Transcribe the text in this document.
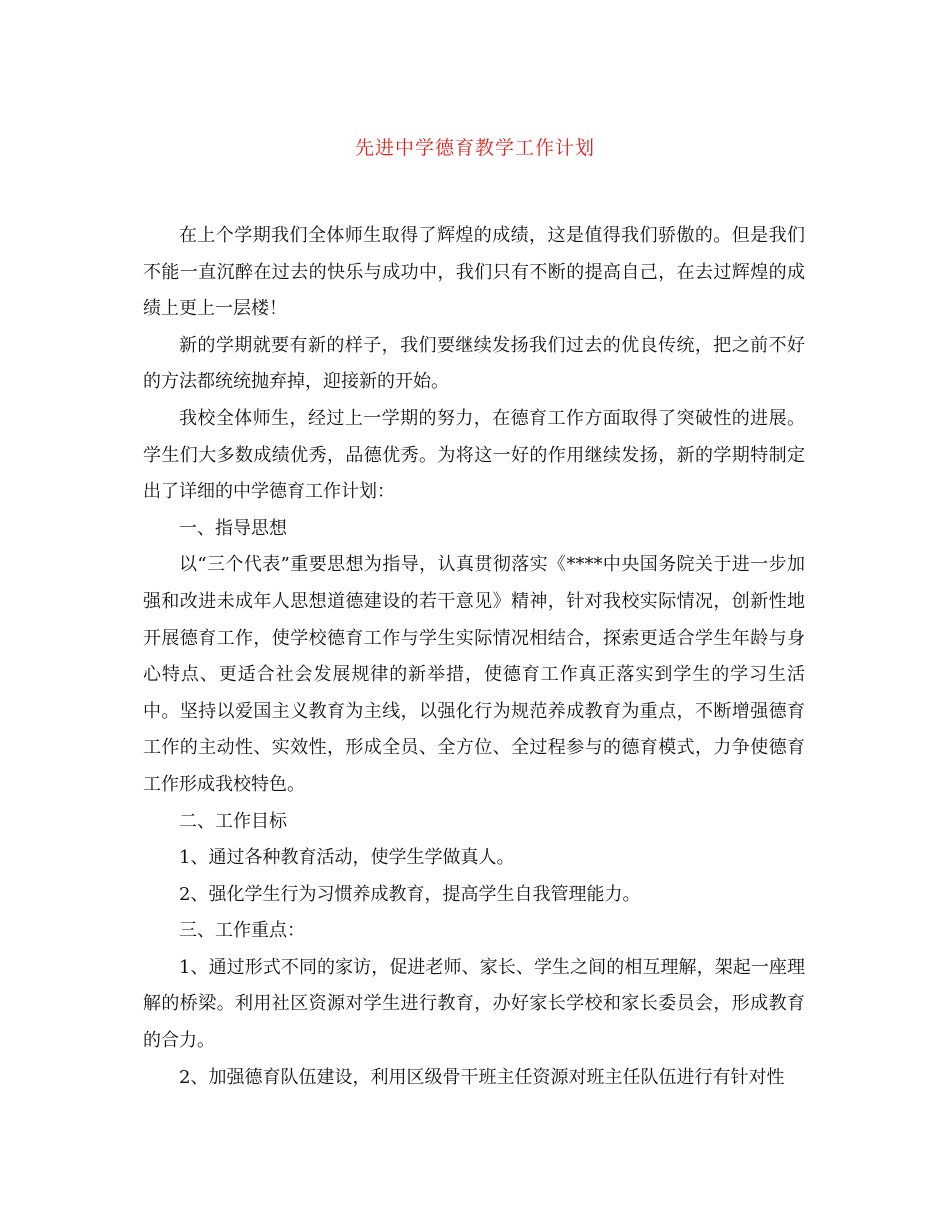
先进中学德育教学工作计划

在上个学期我们全体师生取得了辉煌的成绩，这是值得我们骄傲的。但是我们不能一直沉醉在过去的快乐与成功中，我们只有不断的提高自己，在去过辉煌的成绩上更上一层楼！

新的学期就要有新的样子，我们要继续发扬我们过去的优良传统，把之前不好的方法都统统抛弃掉，迎接新的开始。

我校全体师生，经过上一学期的努力，在德育工作方面取得了突破性的进展。学生们大多数成绩优秀，品德优秀。为将这一好的作用继续发扬，新的学期特制定出了详细的中学德育工作计划：

一、指导思想

以“三个代表”重要思想为指导，认真贯彻落实《****中央国务院关于进一步加强和改进未成年人思想道德建设的若干意见》精神，针对我校实际情况，创新性地开展德育工作，使学校德育工作与学生实际情况相结合，探索更适合学生年龄与身心特点、更适合社会发展规律的新举措，使德育工作真正落实到学生的学习生活中。坚持以爱国主义教育为主线，以强化行为规范养成教育为重点，不断增强德育工作的主动性、实效性，形成全员、全方位、全过程参与的德育模式，力争使德育工作形成我校特色。

二、工作目标

1、通过各种教育活动，使学生学做真人。

2、强化学生行为习惯养成教育，提高学生自我管理能力。

三、工作重点：

1、通过形式不同的家访，促进老师、家长、学生之间的相互理解，架起一座理解的桥梁。利用社区资源对学生进行教育，办好家长学校和家长委员会，形成教育的合力。

2、加强德育队伍建设，利用区级骨干班主任资源对班主任队伍进行有针对性
